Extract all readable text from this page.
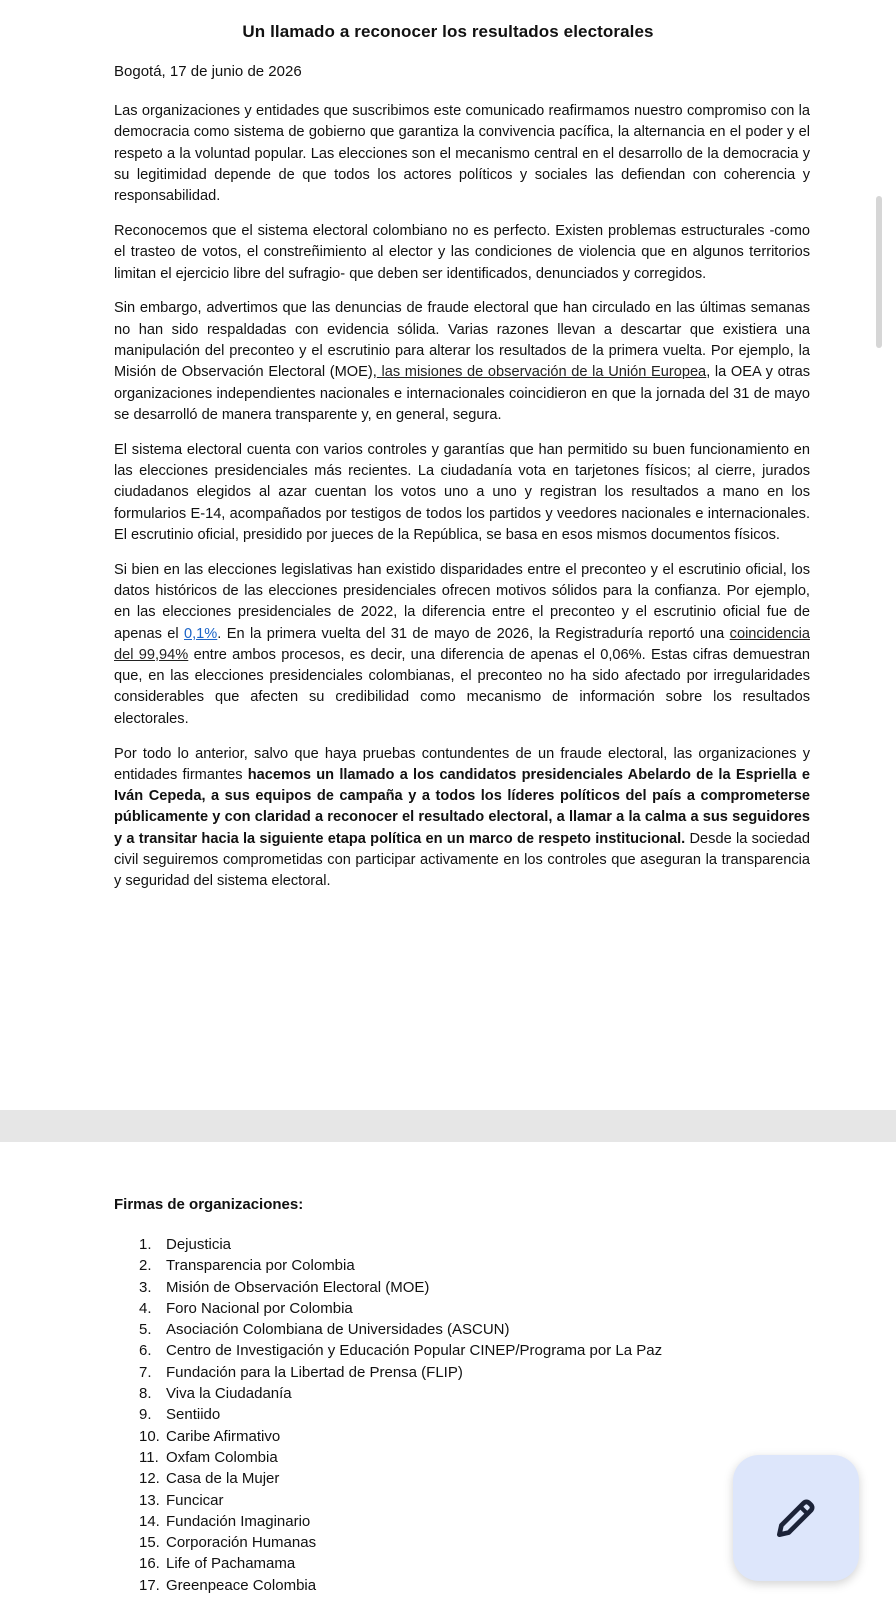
Un llamado a reconocer los resultados electorales
Bogotá, 17 de junio de 2026

Las organizaciones y entidades que suscribimos este comunicado reafirmamos nuestro compromiso con la democracia como sistema de gobierno que garantiza la convivencia pacífica, la alternancia en el poder y el respeto a la voluntad popular. Las elecciones son el mecanismo central en el desarrollo de la democracia y su legitimidad depende de que todos los actores políticos y sociales las defiendan con coherencia y responsabilidad.

Reconocemos que el sistema electoral colombiano no es perfecto. Existen problemas estructurales -como el trasteo de votos, el constreñimiento al elector y las condiciones de violencia que en algunos territorios limitan el ejercicio libre del sufragio- que deben ser identificados, denunciados y corregidos.

Sin embargo, advertimos que las denuncias de fraude electoral que han circulado en las últimas semanas no han sido respaldadas con evidencia sólida. Varias razones llevan a descartar que existiera una manipulación del preconteo y el escrutinio para alterar los resultados de la primera vuelta. Por ejemplo, la Misión de Observación Electoral (MOE), las misiones de observación de la Unión Europea, la OEA y otras organizaciones independientes nacionales e internacionales coincidieron en que la jornada del 31 de mayo se desarrolló de manera transparente y, en general, segura.

El sistema electoral cuenta con varios controles y garantías que han permitido su buen funcionamiento en las elecciones presidenciales más recientes. La ciudadanía vota en tarjetones físicos; al cierre, jurados ciudadanos elegidos al azar cuentan los votos uno a uno y registran los resultados a mano en los formularios E-14, acompañados por testigos de todos los partidos y veedores nacionales e internacionales. El escrutinio oficial, presidido por jueces de la República, se basa en esos mismos documentos físicos.

Si bien en las elecciones legislativas han existido disparidades entre el preconteo y el escrutinio oficial, los datos históricos de las elecciones presidenciales ofrecen motivos sólidos para la confianza. Por ejemplo, en las elecciones presidenciales de 2022, la diferencia entre el preconteo y el escrutinio oficial fue de apenas el 0,1%. En la primera vuelta del 31 de mayo de 2026, la Registraduría reportó una coincidencia del 99,94% entre ambos procesos, es decir, una diferencia de apenas el 0,06%. Estas cifras demuestran que, en las elecciones presidenciales colombianas, el preconteo no ha sido afectado por irregularidades considerables que afecten su credibilidad como mecanismo de información sobre los resultados electorales.

Por todo lo anterior, salvo que haya pruebas contundentes de un fraude electoral, las organizaciones y entidades firmantes hacemos un llamado a los candidatos presidenciales Abelardo de la Espriella e Iván Cepeda, a sus equipos de campaña y a todos los líderes políticos del país a comprometerse públicamente y con claridad a reconocer el resultado electoral, a llamar a la calma a sus seguidores y a transitar hacia la siguiente etapa política en un marco de respeto institucional. Desde la sociedad civil seguiremos comprometidas con participar activamente en los controles que aseguran la transparencia y seguridad del sistema electoral.

Firmas de organizaciones:
1. Dejusticia
2. Transparencia por Colombia
3. Misión de Observación Electoral (MOE)
4. Foro Nacional por Colombia
5. Asociación Colombiana de Universidades (ASCUN)
6. Centro de Investigación y Educación Popular CINEP/Programa por La Paz
7. Fundación para la Libertad de Prensa (FLIP)
8. Viva la Ciudadanía
9. Sentiido
10. Caribe Afirmativo
11. Oxfam Colombia
12. Casa de la Mujer
13. Funcicar
14. Fundación Imaginario
15. Corporación Humanas
16. Life of Pachamama
17. Greenpeace Colombia
